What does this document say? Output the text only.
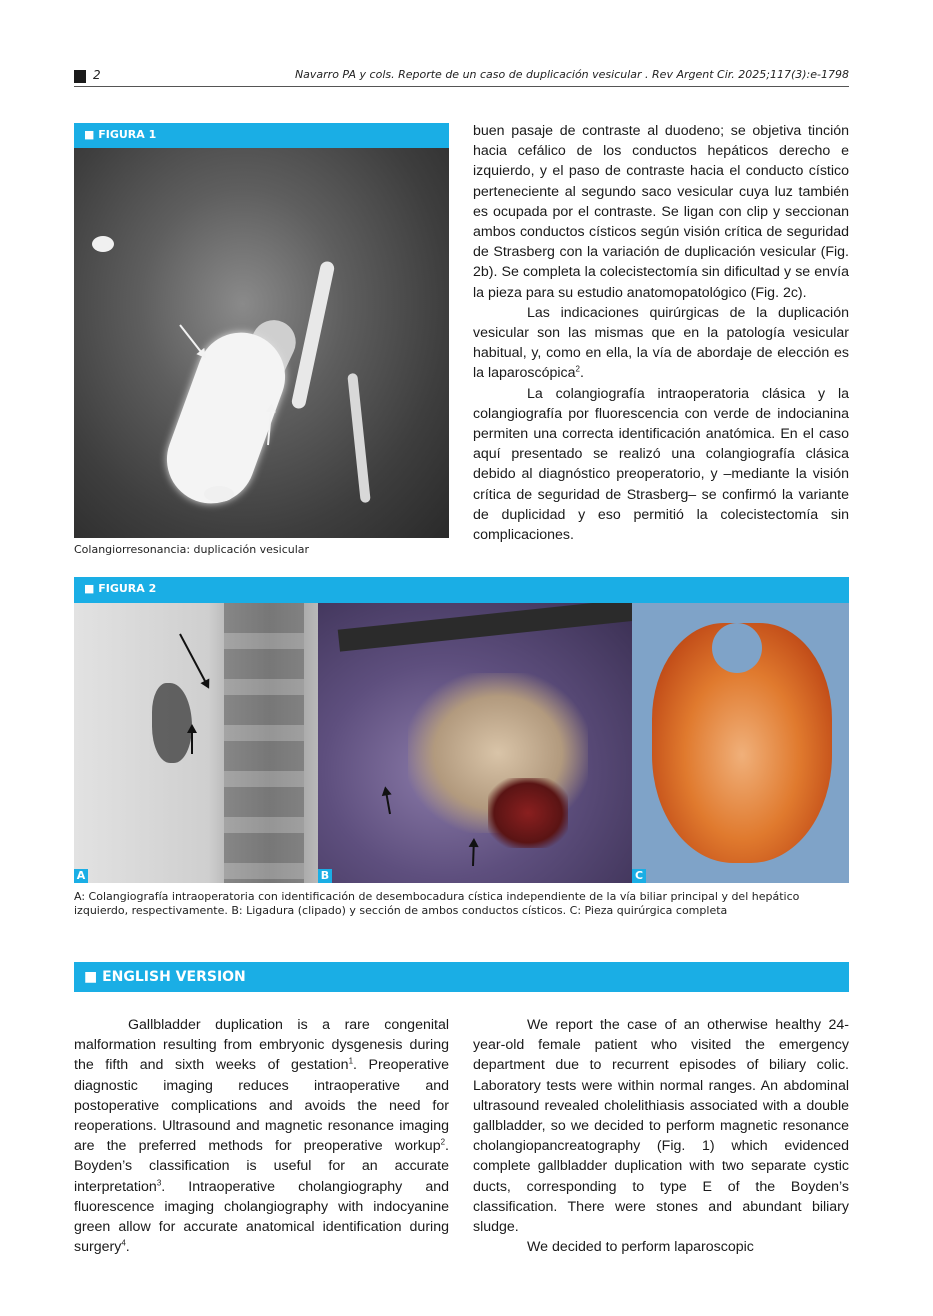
2	Navarro PA y cols. Reporte de un caso de duplicación vesicular . Rev Argent Cir. 2025;117(3):e-1798
■ FIGURA 1
Colangiorresonancia: duplicación vesicular

buen pasaje de contraste al duodeno; se objetiva tinción hacia cefálico de los conductos hepáticos derecho e izquierdo, y el paso de contraste hacia el conducto cístico perteneciente al segundo saco vesicular cuya luz también es ocupada por el contraste. Se ligan con clip y seccionan ambos conductos císticos según visión crítica de seguridad de Strasberg con la variación de duplicación vesicular (Fig. 2b). Se completa la colecistectomía sin dificultad y se envía la pieza para su estudio anatomopatológico (Fig. 2c).

Las indicaciones quirúrgicas de la duplicación vesicular son las mismas que en la patología vesicular habitual, y, como en ella, la vía de abordaje de elección es la laparoscópica$^2$.

La colangiografía intraoperatoria clásica y la colangiografía por fluorescencia con verde de indocianina permiten una correcta identificación anatómica. En el caso aquí presentado se realizó una colangiografía clásica debido al diagnóstico preoperatorio, y –mediante la visión crítica de seguridad de Strasberg– se confirmó la variante de duplicidad y eso permitió la colecistectomía sin complicaciones.

■ FIGURA 2
A	B	C
A: Colangiografía intraoperatoria con identificación de desembocadura cística independiente de la vía biliar principal y del hepático izquierdo, respectivamente. B: Ligadura (clipado) y sección de ambos conductos císticos. C: Pieza quirúrgica completa
■ ENGLISH VERSION

Gallbladder duplication is a rare congenital malformation resulting from embryonic dysgenesis during the fifth and sixth weeks of gestation$^1$. Preoperative diagnostic imaging reduces intraoperative and postoperative complications and avoids the need for reoperations. Ultrasound and magnetic resonance imaging are the preferred methods for preoperative workup$^2$. Boyden’s classification is useful for an accurate interpretation$^3$. Intraoperative cholangiography and fluorescence imaging cholangiography with indocyanine green allow for accurate anatomical identification during surgery$^4$.

We report the case of an otherwise healthy 24-year-old female patient who visited the emergency department due to recurrent episodes of biliary colic. Laboratory tests were within normal ranges. An abdominal ultrasound revealed cholelithiasis associated with a double gallbladder, so we decided to perform magnetic resonance cholangiopancreatography (Fig. 1) which evidenced complete gallbladder duplication with two separate cystic ducts, corresponding to type E of the Boyden’s classification. There were stones and abundant biliary sludge.

We decided to perform laparoscopic
